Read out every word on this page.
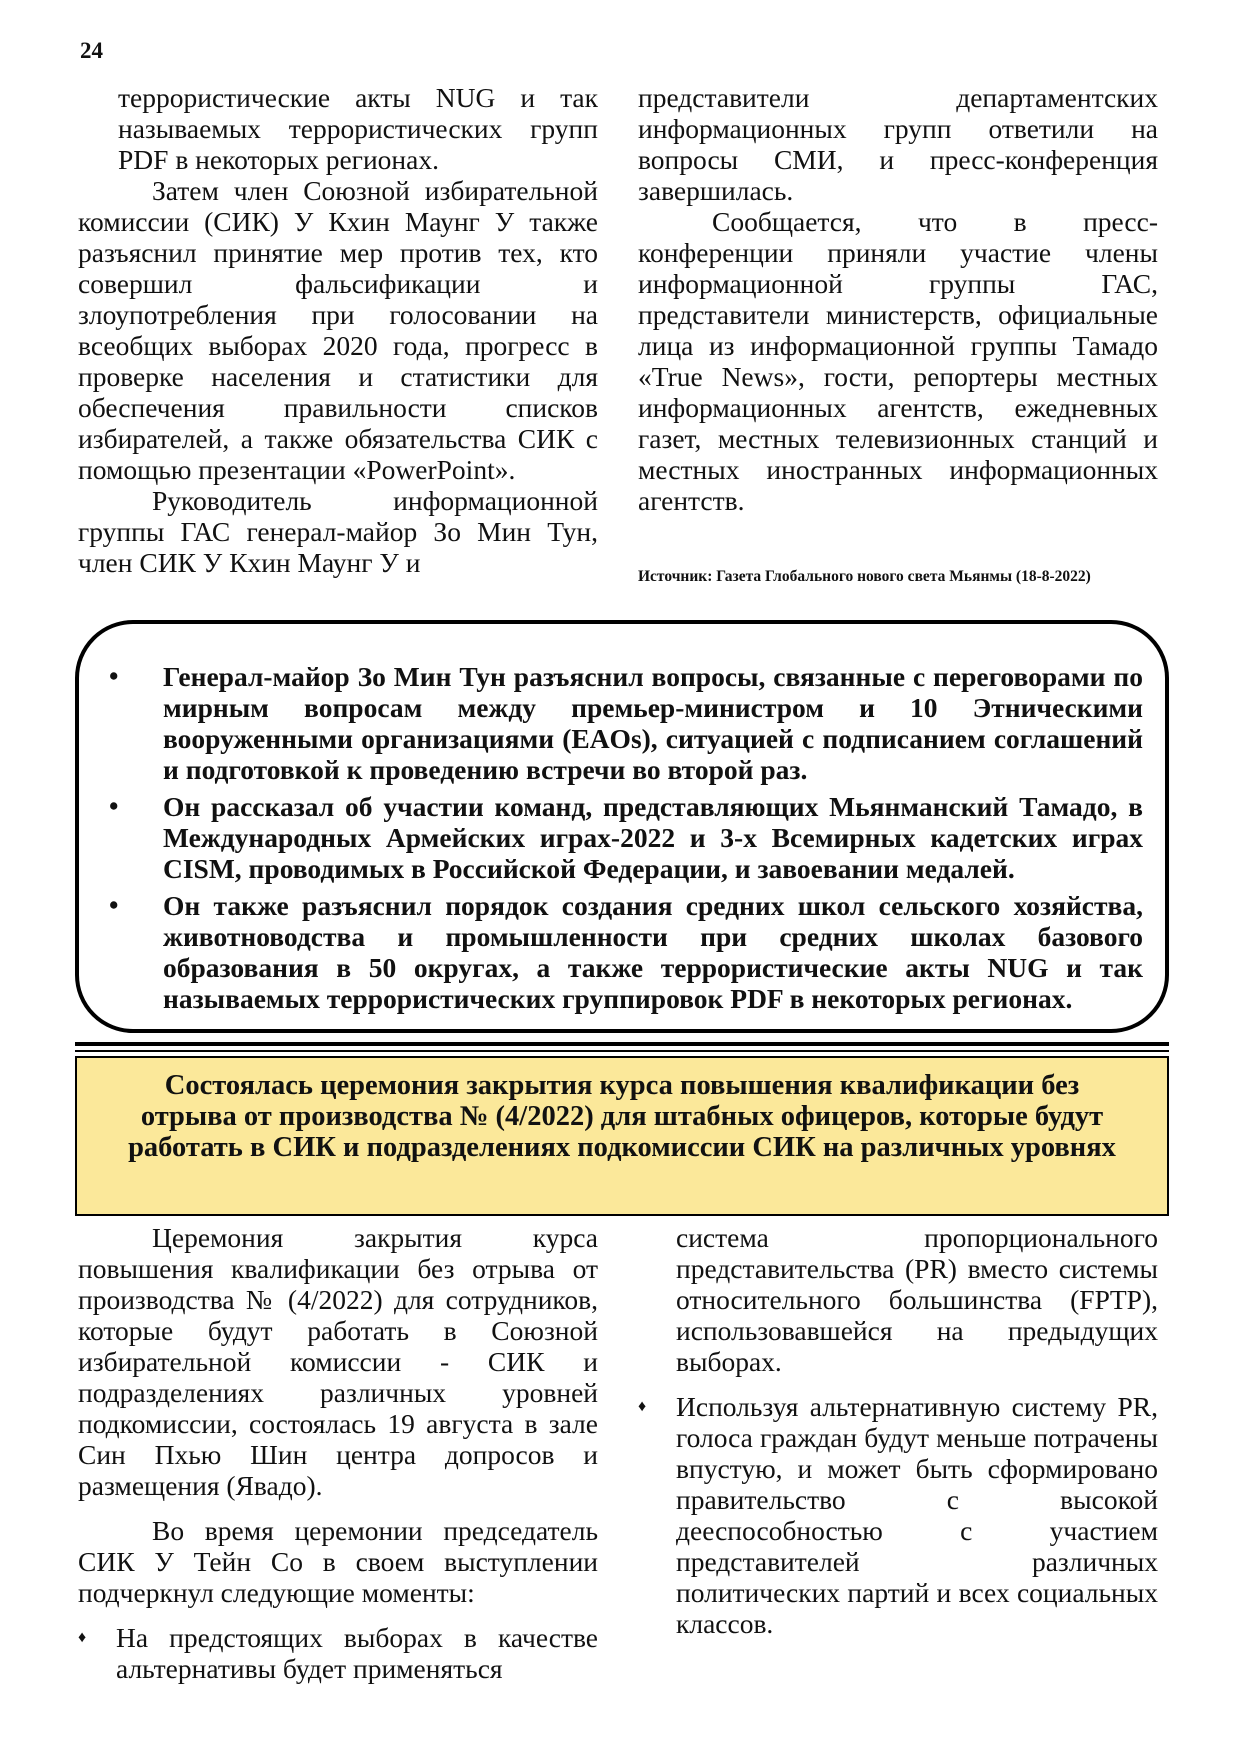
24

террористические акты NUG и так называемых террористических групп PDF в некоторых регионах.

Затем член Союзной избирательной комиссии (СИК) У Кхин Маунг У также разъяснил принятие мер против тех, кто совершил фальсификации и злоупотребления при голосовании на всеобщих выборах 2020 года, прогресс в проверке населения и статистики для обеспечения правильности списков избирателей, а также обязательства СИК с помощью презентации «PowerPoint».

Руководитель информационной группы ГАС генерал-майор Зо Мин Тун, член СИК У Кхин Маунг У и

представители департаментских информационных групп ответили на вопросы СМИ, и пресс-конференция завершилась.

Сообщается, что в пресс-конференции приняли участие члены информационной группы ГАС, представители министерств, официальные лица из информационной группы Тамадо «True News», гости, репортеры местных информационных агентств, ежедневных газет, местных телевизионных станций и местных иностранных информационных агентств.

Источник: Газета Глобального нового света Мьянмы (18-8-2022)
• Генерал-майор Зо Мин Тун разъяснил вопросы, связанные с переговорами по мирным вопросам между премьер-министром и 10 Этническими вооруженными организациями (EAOs), ситуацией с подписанием соглашений и подготовкой к проведению встречи во второй раз.
• Он рассказал об участии команд, представляющих Мьянманский Тамадо, в Международных Армейских играх-2022 и 3-х Всемирных кадетских играх CISM, проводимых в Российской Федерации, и завоевании медалей.
• Он также разъяснил порядок создания средних школ сельского хозяйства, животноводства и промышленности при средних школах базового образования в 50 округах, а также террористические акты NUG и так называемых террористических группировок PDF в некоторых регионах.
Состоялась церемония закрытия курса повышения квалификации без отрыва от производства № (4/2022) для штабных офицеров, которые будут работать в СИК и подразделениях подкомиссии СИК на различных уровнях

Церемония закрытия курса повышения квалификации без отрыва от производства № (4/2022) для сотрудников, которые будут работать в Союзной избирательной комиссии - СИК и подразделениях различных уровней подкомиссии, состоялась 19 августа в зале Син Пхью Шин центра допросов и размещения (Явадо).

Во время церемонии председатель СИК У Тейн Со в своем выступлении подчеркнул следующие моменты:

♦ На предстоящих выборах в качестве альтернативы будет применяться

система пропорционального представительства (PR) вместо системы относительного большинства (FPTP), использовавшейся на предыдущих выборах.

♦ Используя альтернативную систему PR, голоса граждан будут меньше потрачены впустую, и может быть сформировано правительство с высокой дееспособностью с участием представителей различных политических партий и всех социальных классов.
